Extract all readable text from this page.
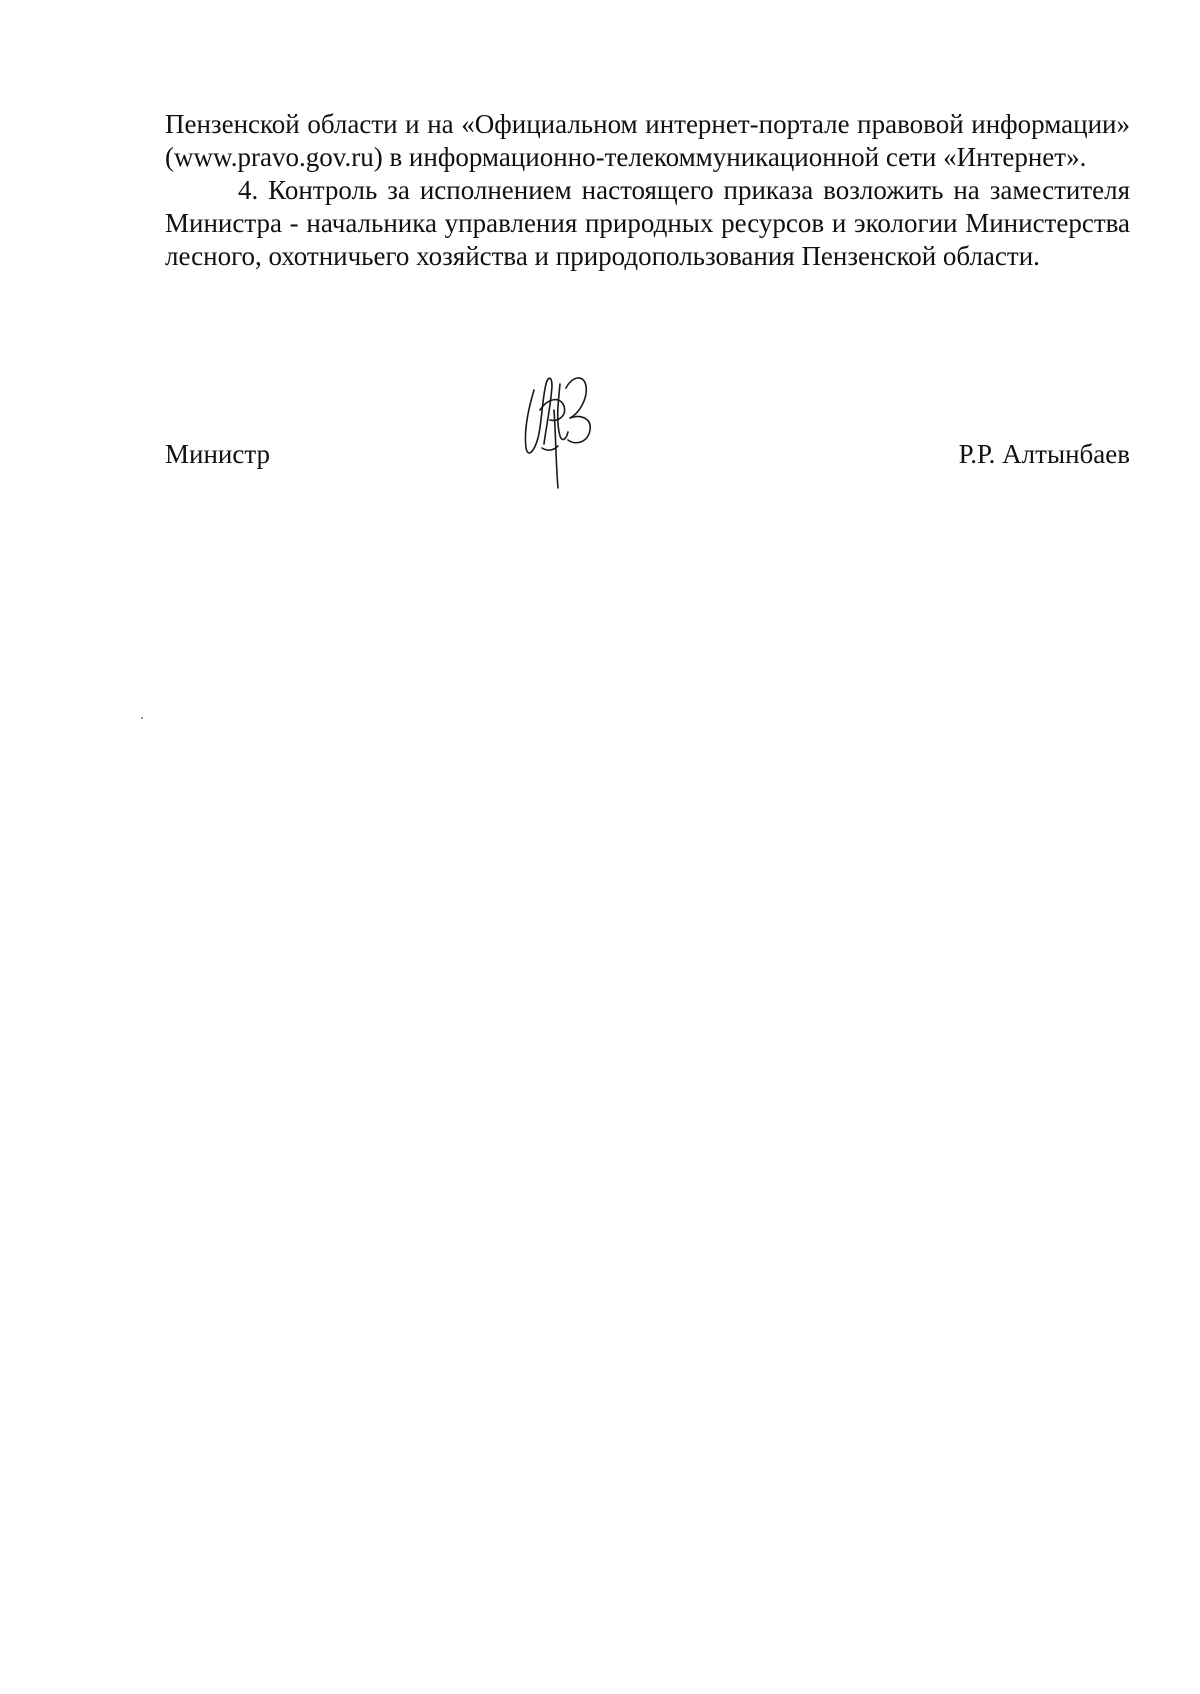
Пензенской области и на «Официальном интернет-портале правовой информации» (www.pravo.gov.ru) в информационно-телекоммуникационной сети «Интернет».

4. Контроль за исполнением настоящего приказа возложить на заместителя Министра - начальника управления природных ресурсов и экологии Министерства лесного, охотничьего хозяйства и природопользования Пензенской области.

Министр	Р.Р. Алтынбаев
